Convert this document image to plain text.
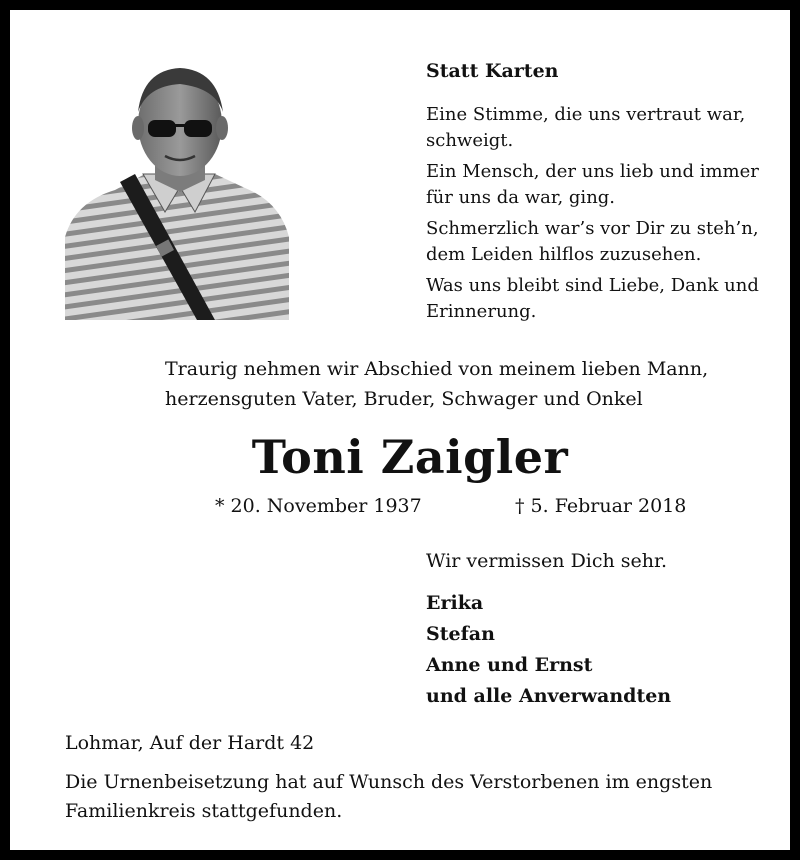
Statt Karten

Eine Stimme, die uns vertraut war,
schweigt.

Ein Mensch, der uns lieb und immer
für uns da war, ging.

Schmerzlich war’s vor Dir zu steh’n,
dem Leiden hilflos zuzusehen.

Was uns bleibt sind Liebe, Dank und
Erinnerung.

Traurig nehmen wir Abschied von meinem lieben Mann,
herzensguten Vater, Bruder, Schwager und Onkel
Toni Zaigler
* 20. November 1937	† 5. Februar 2018
Wir vermissen Dich sehr.
Erika
Stefan
Anne und Ernst
und alle Anverwandten
Lohmar, Auf der Hardt 42
Die Urnenbeisetzung hat auf Wunsch des Verstorbenen im engsten Familienkreis stattgefunden.
